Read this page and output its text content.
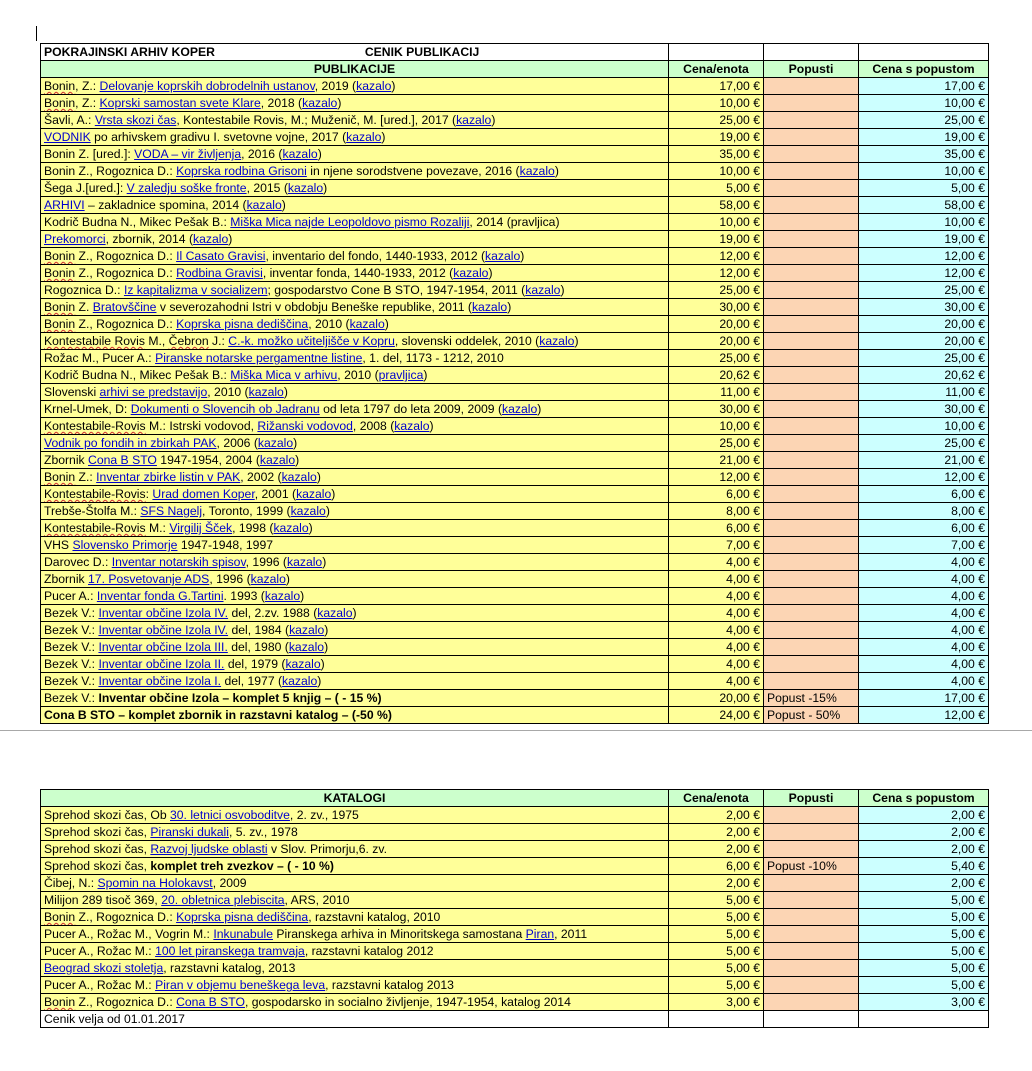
POKRAJINSKI ARHIV KOPER CENIK PUBLIKACIJ			
PUBLIKACIJE	Cena/enota	Popusti	Cena s popustom
Bonin, Z.: Delovanje koprskih dobrodelnih ustanov, 2019 (kazalo)	17,00 €		17,00 €
Bonin, Z.: Koprski samostan svete Klare, 2018 (kazalo)	10,00 €		10,00 €
Šavli, A.: Vrsta skozi čas, Kontestabile Rovis, M.; Muženič, M. [ured.], 2017 (kazalo)	25,00 €		25,00 €
VODNIK po arhivskem gradivu I. svetovne vojne, 2017 (kazalo)	19,00 €		19,00 €
Bonin Z. [ured.]: VODA – vir življenja, 2016 (kazalo)	35,00 €		35,00 €
Bonin Z., Rogoznica D.: Koprska rodbina Grisoni in njene sorodstvene povezave, 2016 (kazalo)	10,00 €		10,00 €
Šega J.[ured.]: V zaledju soške fronte, 2015 (kazalo)	5,00 €		5,00 €
ARHIVI – zakladnice spomina, 2014 (kazalo)	58,00 €		58,00 €
Kodrič Budna N., Mikec Pešak B.: Miška Mica najde Leopoldovo pismo Rozaliji, 2014 (pravljica)	10,00 €		10,00 €
Prekomorci, zbornik, 2014 (kazalo)	19,00 €		19,00 €
Bonin Z., Rogoznica D.: Il Casato Gravisi, inventario del fondo, 1440-1933, 2012 (kazalo)	12,00 €		12,00 €
Bonin Z., Rogoznica D.: Rodbina Gravisi, inventar fonda, 1440-1933, 2012 (kazalo)	12,00 €		12,00 €
Rogoznica D.: Iz kapitalizma v socializem; gospodarstvo Cone B STO, 1947-1954, 2011 (kazalo)	25,00 €		25,00 €
Bonin Z. Bratovščine v severozahodni Istri v obdobju Beneške republike, 2011 (kazalo)	30,00 €		30,00 €
Bonin Z., Rogoznica D.: Koprska pisna dediščina, 2010 (kazalo)	20,00 €		20,00 €
Kontestabile Rovis M., Čebron J.: C.-k. možko učiteljišče v Kopru, slovenski oddelek, 2010 (kazalo)	20,00 €		20,00 €
Rožac M., Pucer A.: Piranske notarske pergamentne listine, 1. del, 1173 - 1212, 2010	25,00 €		25,00 €
Kodrič Budna N., Mikec Pešak B.: Miška Mica v arhivu, 2010 (pravljica)	20,62 €		20,62 €
Slovenski arhivi se predstavijo, 2010 (kazalo)	11,00 €		11,00 €
Krnel-Umek, D: Dokumenti o Slovencih ob Jadranu od leta 1797 do leta 2009, 2009 (kazalo)	30,00 €		30,00 €
Kontestabile-Rovis M.: Istrski vodovod, Rižanski vodovod, 2008 (kazalo)	10,00 €		10,00 €
Vodnik po fondih in zbirkah PAK, 2006 (kazalo)	25,00 €		25,00 €
Zbornik Cona B STO 1947-1954, 2004 (kazalo)	21,00 €		21,00 €
Bonin Z.: Inventar zbirke listin v PAK, 2002 (kazalo)	12,00 €		12,00 €
Kontestabile-Rovis: Urad domen Koper, 2001 (kazalo)	6,00 €		6,00 €
Trebše-Štolfa M.: SFS Nagelj, Toronto, 1999 (kazalo)	8,00 €		8,00 €
Kontestabile-Rovis M.: Virgilij Šček, 1998 (kazalo)	6,00 €		6,00 €
VHS Slovensko Primorje 1947-1948, 1997	7,00 €		7,00 €
Darovec D.: Inventar notarskih spisov, 1996 (kazalo)	4,00 €		4,00 €
Zbornik 17. Posvetovanje ADS, 1996 (kazalo)	4,00 €		4,00 €
Pucer A.: Inventar fonda G.Tartini. 1993 (kazalo)	4,00 €		4,00 €
Bezek V.: Inventar občine Izola IV. del, 2.zv. 1988 (kazalo)	4,00 €		4,00 €
Bezek V.: Inventar občine Izola IV. del, 1984 (kazalo)	4,00 €		4,00 €
Bezek V.: Inventar občine Izola III. del, 1980 (kazalo)	4,00 €		4,00 €
Bezek V.: Inventar občine Izola II. del, 1979 (kazalo)	4,00 €		4,00 €
Bezek V.: Inventar občine Izola I. del, 1977 (kazalo)	4,00 €		4,00 €
Bezek V.: Inventar občine Izola – komplet 5 knjig – ( - 15 %)	20,00 €	Popust -15%	17,00 €
Cona B STO – komplet zbornik in razstavni katalog – (-50 %)	24,00 €	Popust - 50%	12,00 €
KATALOGI	Cena/enota	Popusti	Cena s popustom
Sprehod skozi čas, Ob 30. letnici osvoboditve, 2. zv., 1975	2,00 €		2,00 €
Sprehod skozi čas, Piranski dukali, 5. zv., 1978	2,00 €		2,00 €
Sprehod skozi čas, Razvoj ljudske oblasti v Slov. Primorju,6. zv.	2,00 €		2,00 €
Sprehod skozi čas, komplet treh zvezkov – ( - 10 %)	6,00 €	Popust -10%	5,40 €
Čibej, N.: Spomin na Holokavst, 2009	2,00 €		2,00 €
Milijon 289 tisoč 369, 20. obletnica plebiscita, ARS, 2010	5,00 €		5,00 €
Bonin Z., Rogoznica D.: Koprska pisna dediščina, razstavni katalog, 2010	5,00 €		5,00 €
Pucer A., Rožac M., Vogrin M.: Inkunabule Piranskega arhiva in Minoritskega samostana Piran, 2011	5,00 €		5,00 €
Pucer A., Rožac M.: 100 let piranskega tramvaja, razstavni katalog 2012	5,00 €		5,00 €
Beograd skozi stoletja, razstavni katalog, 2013	5,00 €		5,00 €
Pucer A., Rožac M.: Piran v objemu beneškega leva, razstavni katalog 2013	5,00 €		5,00 €
Bonin Z., Rogoznica D.: Cona B STO, gospodarsko in socialno življenje, 1947-1954, katalog 2014	3,00 €		3,00 €
Cenik velja od 01.01.2017			
